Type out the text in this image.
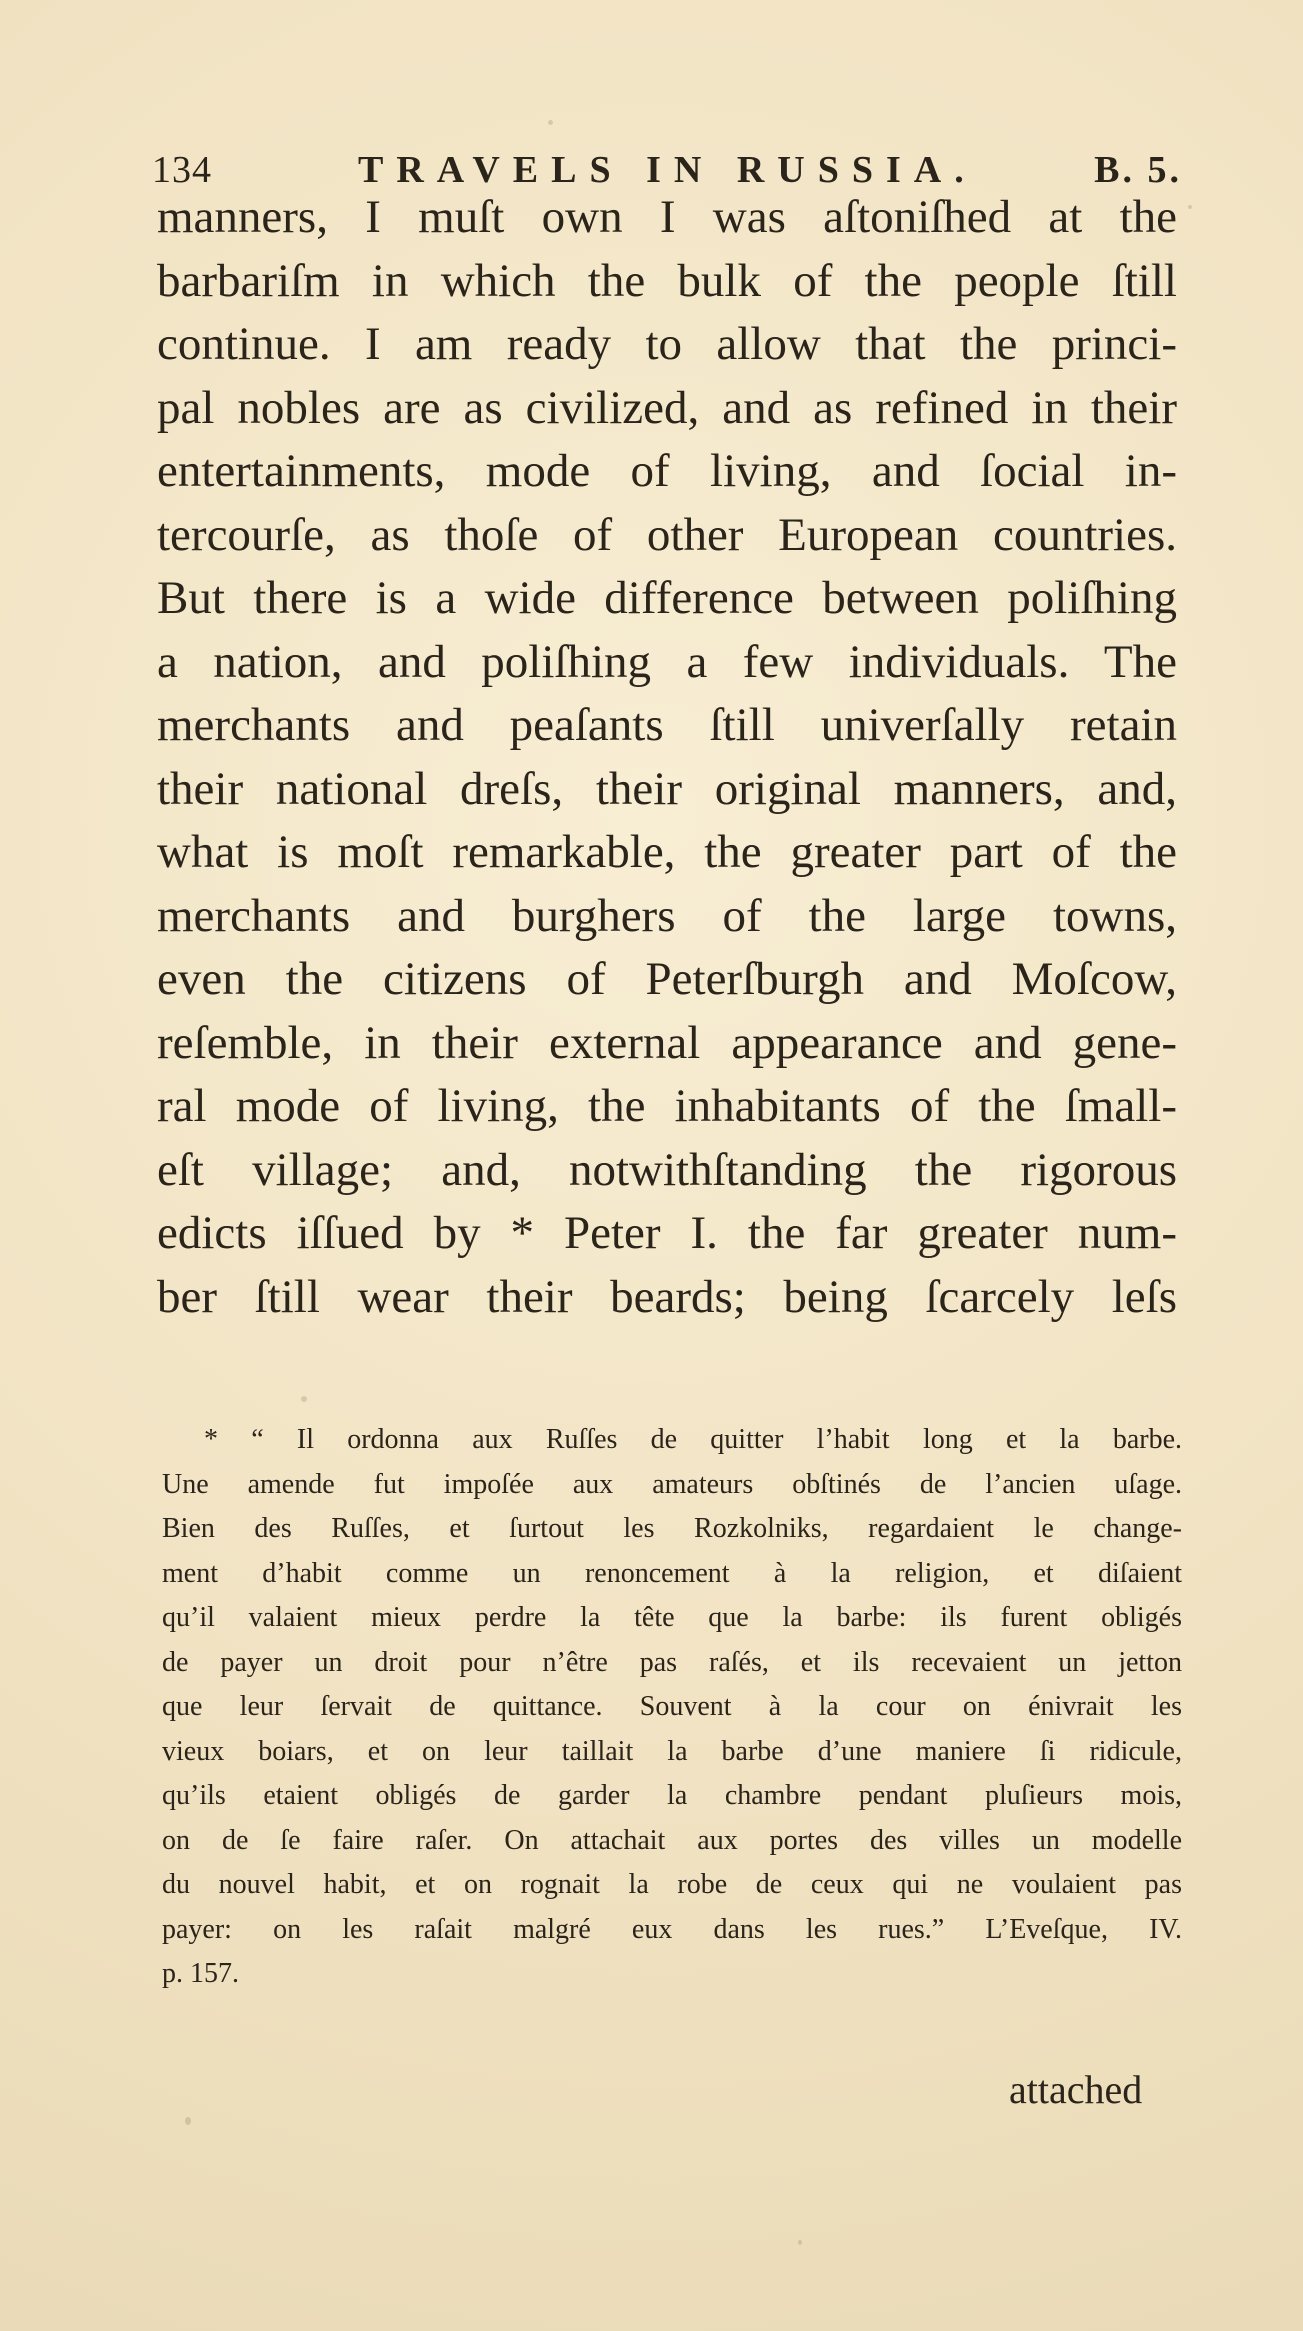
134	TRAVELS IN RUSSIA.	B. 5.
manners, I muſt own I was aſtoniſhed at the
barbariſm in which the bulk of the people ſtill
continue. I am ready to allow that the princi-
pal nobles are as civilized, and as refined in their
entertainments, mode of living, and ſocial in-
tercourſe, as thoſe of other European countries.
But there is a wide difference between poliſhing
a nation, and poliſhing a few individuals. The
merchants and peaſants ſtill univerſally retain
their national dreſs, their original manners, and,
what is moſt remarkable, the greater part of the
merchants and burghers of the large towns,
even the citizens of Peterſburgh and Moſcow,
reſemble, in their external appearance and gene-
ral mode of living, the inhabitants of the ſmall-
eſt village; and, notwithſtanding the rigorous
edicts iſſued by * Peter I. the far greater num-
ber ſtill wear their beards; being ſcarcely leſs
* “ Il ordonna aux Ruſſes de quitter l’habit long et la barbe.
Une amende fut impoſée aux amateurs obſtinés de l’ancien uſage.
Bien des Ruſſes, et ſurtout les Rozkolniks, regardaient le change-
ment d’habit comme un renoncement à la religion, et diſaient
qu’il valaient mieux perdre la tête que la barbe: ils furent obligés
de payer un droit pour n’être pas raſés, et ils recevaient un jetton
que leur ſervait de quittance. Souvent à la cour on énivrait les
vieux boiars, et on leur taillait la barbe d’une maniere ſi ridicule,
qu’ils etaient obligés de garder la chambre pendant pluſieurs mois,
on de ſe faire raſer. On attachait aux portes des villes un modelle
du nouvel habit, et on rognait la robe de ceux qui ne voulaient pas
payer: on les raſait malgré eux dans les rues.” L’Eveſque, IV.
p. 157.
attached
